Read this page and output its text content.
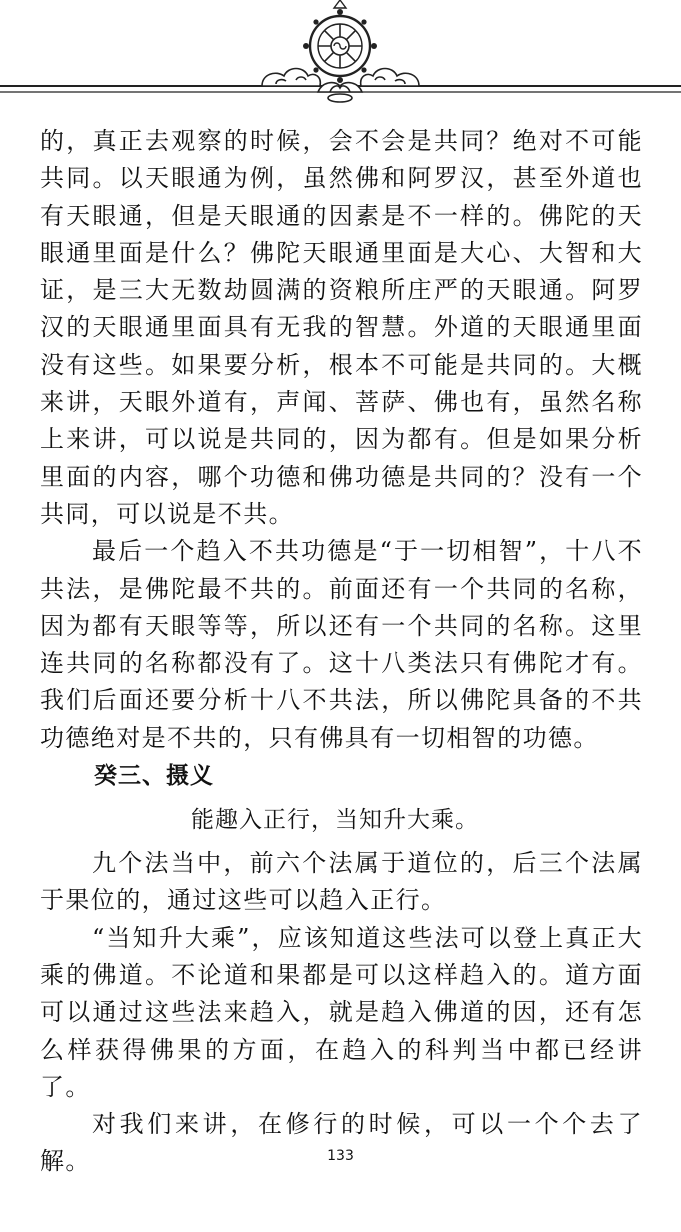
的，真正去观察的时候，会不会是共同？绝对不可能共同。以天眼通为例，虽然佛和阿罗汉，甚至外道也有天眼通，但是天眼通的因素是不一样的。佛陀的天眼通里面是什么？佛陀天眼通里面是大心、大智和大证，是三大无数劫圆满的资粮所庄严的天眼通。阿罗汉的天眼通里面具有无我的智慧。外道的天眼通里面没有这些。如果要分析，根本不可能是共同的。大概来讲，天眼外道有，声闻、菩萨、佛也有，虽然名称上来讲，可以说是共同的，因为都有。但是如果分析里面的内容，哪个功德和佛功德是共同的？没有一个共同，可以说是不共。

最后一个趋入不共功德是“于一切相智”，十八不共法，是佛陀最不共的。前面还有一个共同的名称，因为都有天眼等等，所以还有一个共同的名称。这里连共同的名称都没有了。这十八类法只有佛陀才有。我们后面还要分析十八不共法，所以佛陀具备的不共功德绝对是不共的，只有佛具有一切相智的功德。

癸三、摄义

能趣入正行，当知升大乘。

九个法当中，前六个法属于道位的，后三个法属于果位的，通过这些可以趋入正行。

“当知升大乘”，应该知道这些法可以登上真正大乘的佛道。不论道和果都是可以这样趋入的。道方面可以通过这些法来趋入，就是趋入佛道的因，还有怎么样获得佛果的方面，在趋入的科判当中都已经讲了。

对我们来讲，在修行的时候，可以一个个去了解。	133
